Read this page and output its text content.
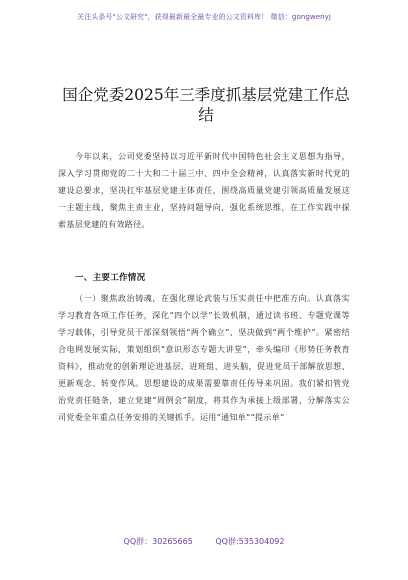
关注头条号"公文研究"，获得最新最全最专业的公文资料库！ 微信：gongwenyj
国企党委2025年三季度抓基层党建工作总结
今年以来，公司党委坚持以习近平新时代中国特色社会主义思想为指导，深入学习贯彻党的二十大和二十届三中、四中全会精神，认真落实新时代党的建设总要求，坚决扛牢基层党建主体责任，围绕高质量党建引领高质量发展这一主题主线，聚焦主责主业，坚持问题导向，强化系统思维，在工作实践中探索基层党建的有效路径。
一、主要工作情况
（一）聚焦政治铸魂，在强化理论武装与压实责任中把准方向。认真落实学习教育各项工作任务，深化“四个以学”长效机制，通过读书班、专题党课等学习载体，引导党员干部深刻领悟“两个确立”、坚决做到“两个维护”。紧密结合电网发展实际，策划组织“意识形态专题大讲堂”，牵头编印《形势任务教育资料》，推动党的创新理论进基层、进班组、进头脑，促进党员干部解放思想、更新观念、转变作风。思想建设的成果需要靠责任传导来巩固。我们紧扣管党治党责任链条，建立党建“周例会”制度，将其作为承接上级部署、分解落实公司党委全年重点任务安排的关键抓手。运用“通知单”“提示单”
QQ群：30265665	QQ群:535304092
